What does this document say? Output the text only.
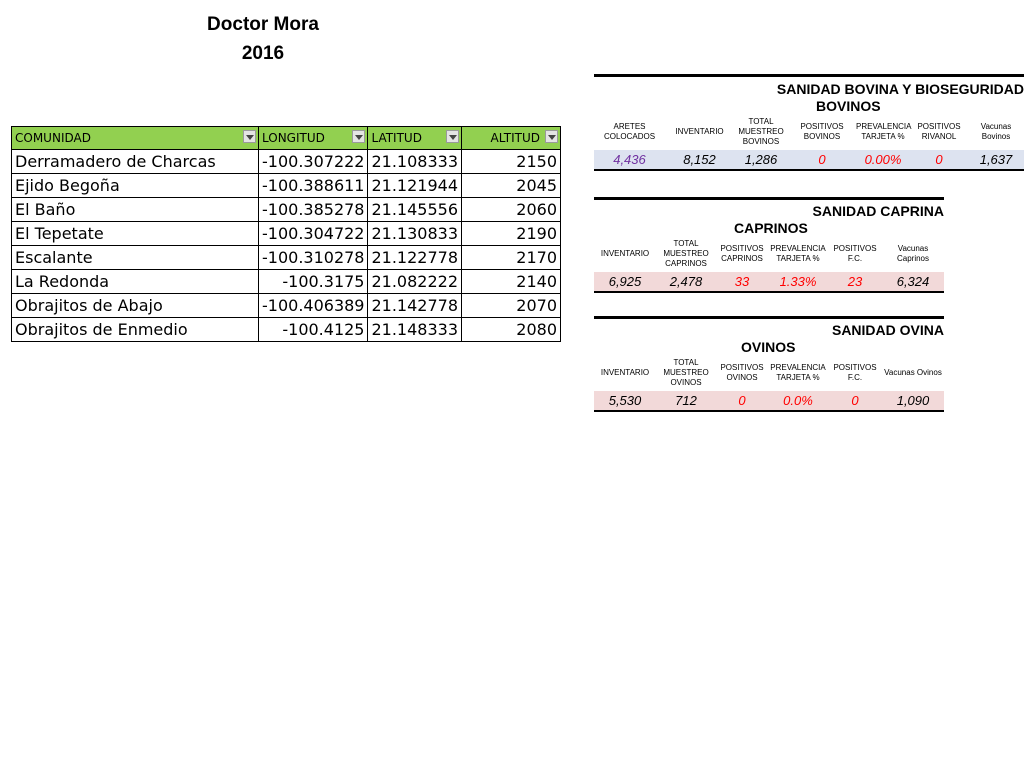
Doctor Mora
2016
COMUNIDAD	LONGITUD	LATITUD	ALTITUD

Derramadero de Charcas	-100.307222	21.108333	2150
Ejido Begoña	-100.388611	21.121944	2045
El Baño	-100.385278	21.145556	2060
El Tepetate	-100.304722	21.130833	2190
Escalante	-100.310278	21.122778	2170
La Redonda	-100.3175	21.082222	2140
Obrajitos de Abajo	-100.406389	21.142778	2070
Obrajitos de Enmedio	-100.4125	21.148333	2080
SANIDAD BOVINA Y BIOSEGURIDAD
BOVINOS
ARETES COLOCADOS	INVENTARIO	TOTAL MUESTREO BOVINOS	POSITIVOS BOVINOS	PREVALENCIA TARJETA %	POSITIVOS RIVANOL	Vacunas Bovinos
4,436	8,152	1,286	0	0.00%	0	1,637
SANIDAD CAPRINA
CAPRINOS
INVENTARIO	TOTAL MUESTREO CAPRINOS	POSITIVOS CAPRINOS	PREVALENCIA TARJETA %	POSITIVOS F.C.	Vacunas Caprinos
6,925	2,478	33	1.33%	23	6,324
SANIDAD OVINA
OVINOS
INVENTARIO	TOTAL MUESTREO OVINOS	POSITIVOS OVINOS	PREVALENCIA TARJETA %	POSITIVOS F.C.	Vacunas Ovinos
5,530	712	0	0.0%	0	1,090
